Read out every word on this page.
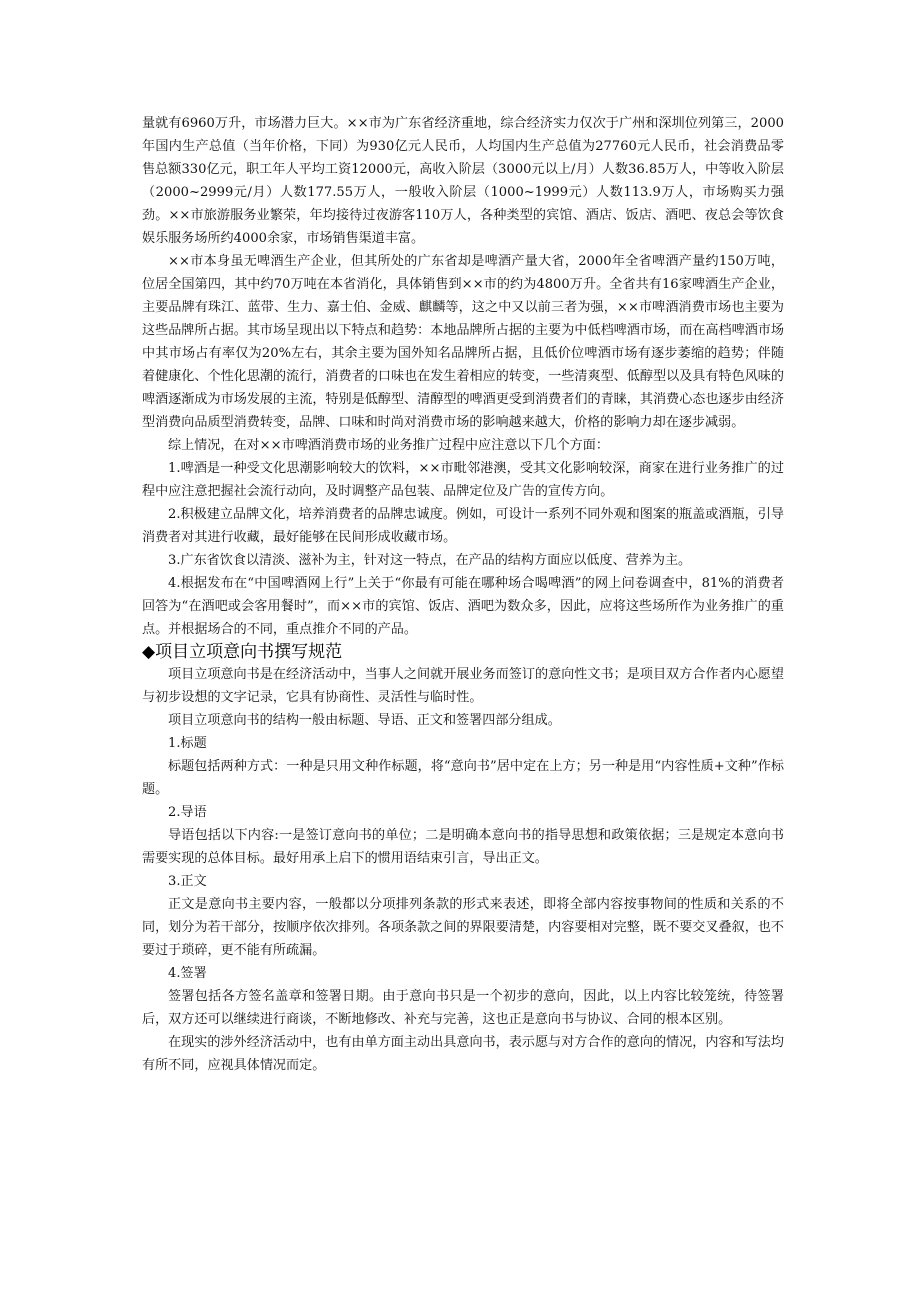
量就有6960万升，市场潜力巨大。××市为广东省经济重地，综合经济实力仅次于广州和深圳位列第三，2000年国内生产总值（当年价格，下同）为930亿元人民币，人均国内生产总值为27760元人民币，社会消费品零售总额330亿元，职工年人平均工资12000元，高收入阶层（3000元以上/月）人数36.85万人，中等收入阶层（2000~2999元/月）人数177.55万人，一般收入阶层（1000~1999元）人数113.9万人，市场购买力强劲。××市旅游服务业繁荣，年均接待过夜游客110万人，各种类型的宾馆、酒店、饭店、酒吧、夜总会等饮食娱乐服务场所约4000余家，市场销售渠道丰富。

××市本身虽无啤酒生产企业，但其所处的广东省却是啤酒产量大省，2000年全省啤酒产量约150万吨，位居全国第四，其中约70万吨在本省消化，具体销售到××市的约为4800万升。全省共有16家啤酒生产企业，主要品牌有珠江、蓝带、生力、嘉士伯、金威、麒麟等，这之中又以前三者为强，××市啤酒消费市场也主要为这些品牌所占据。其市场呈现出以下特点和趋势：本地品牌所占据的主要为中低档啤酒市场，而在高档啤酒市场中其市场占有率仅为20%左右，其余主要为国外知名品牌所占据，且低价位啤酒市场有逐步萎缩的趋势；伴随着健康化、个性化思潮的流行，消费者的口味也在发生着相应的转变，一些清爽型、低醇型以及具有特色风味的啤酒逐渐成为市场发展的主流，特别是低醇型、清醇型的啤酒更受到消费者们的青睐，其消费心态也逐步由经济型消费向品质型消费转变，品牌、口味和时尚对消费市场的影响越来越大，价格的影响力却在逐步减弱。

综上情况，在对××市啤酒消费市场的业务推广过程中应注意以下几个方面：

1.啤酒是一种受文化思潮影响较大的饮料，××市毗邻港澳，受其文化影响较深，商家在进行业务推广的过程中应注意把握社会流行动向，及时调整产品包装、品牌定位及广告的宣传方向。

2.积极建立品牌文化，培养消费者的品牌忠诚度。例如，可设计一系列不同外观和图案的瓶盖或酒瓶，引导消费者对其进行收藏，最好能够在民间形成收藏市场。

3.广东省饮食以清淡、滋补为主，针对这一特点，在产品的结构方面应以低度、营养为主。

4.根据发布在“中国啤酒网上行”上关于“你最有可能在哪种场合喝啤酒”的网上问卷调查中，81%的消费者回答为“在酒吧或会客用餐时”，而××市的宾馆、饭店、酒吧为数众多，因此，应将这些场所作为业务推广的重点。并根据场合的不同，重点推介不同的产品。

◆项目立项意向书撰写规范

项目立项意向书是在经济活动中，当事人之间就开展业务而签订的意向性文书；是项目双方合作者内心愿望与初步设想的文字记录，它具有协商性、灵活性与临时性。

项目立项意向书的结构一般由标题、导语、正文和签署四部分组成。

1.标题

标题包括两种方式：一种是只用文种作标题，将“意向书”居中定在上方；另一种是用“内容性质+文种”作标题。

2.导语

导语包括以下内容:一是签订意向书的单位；二是明确本意向书的指导思想和政策依据；三是规定本意向书需要实现的总体目标。最好用承上启下的惯用语结束引言，导出正文。

3.正文

正文是意向书主要内容，一般都以分项排列条款的形式来表述，即将全部内容按事物间的性质和关系的不同，划分为若干部分，按顺序依次排列。各项条款之间的界限要清楚，内容要相对完整，既不要交叉叠叙，也不要过于琐碎，更不能有所疏漏。

4.签署

签署包括各方签名盖章和签署日期。由于意向书只是一个初步的意向，因此，以上内容比较笼统，待签署后，双方还可以继续进行商谈，不断地修改、补充与完善，这也正是意向书与协议、合同的根本区别。

在现实的涉外经济活动中，也有由单方面主动出具意向书，表示愿与对方合作的意向的情况，内容和写法均有所不同，应视具体情况而定。
